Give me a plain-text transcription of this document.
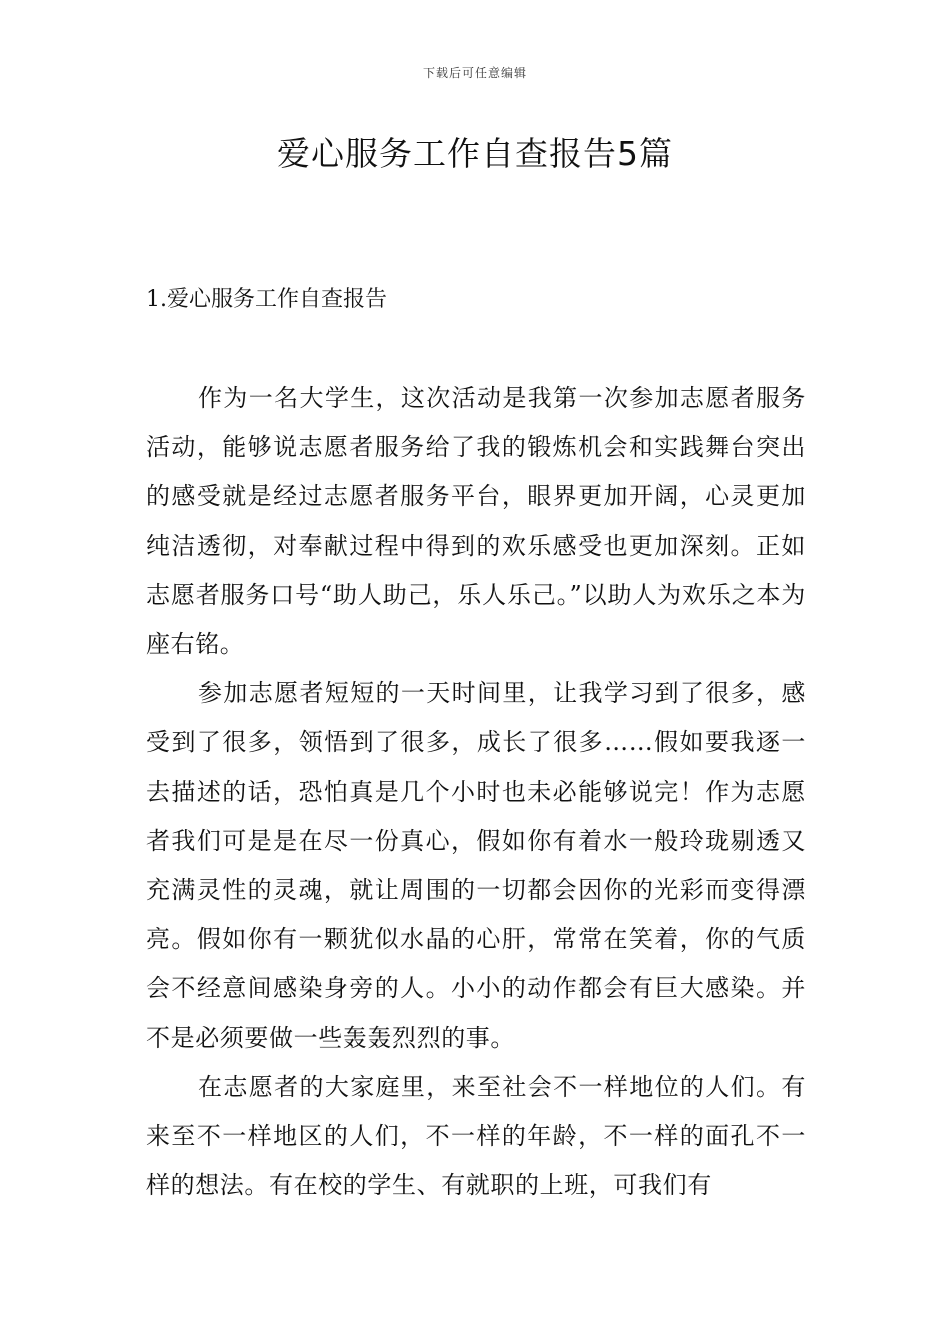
下载后可任意编辑
爱心服务工作自查报告5篇
1.爱心服务工作自查报告

作为一名大学生，这次活动是我第一次参加志愿者服务活动，能够说志愿者服务给了我的锻炼机会和实践舞台突出的感受就是经过志愿者服务平台，眼界更加开阔，心灵更加纯洁透彻，对奉献过程中得到的欢乐感受也更加深刻。正如志愿者服务口号“助人助己，乐人乐己。”以助人为欢乐之本为座右铭。

参加志愿者短短的一天时间里，让我学习到了很多，感受到了很多，领悟到了很多，成长了很多……假如要我逐一去描述的话，恐怕真是几个小时也未必能够说完！作为志愿者我们可是是在尽一份真心，假如你有着水一般玲珑剔透又充满灵性的灵魂，就让周围的一切都会因你的光彩而变得漂亮。假如你有一颗犹似水晶的心肝，常常在笑着，你的气质会不经意间感染身旁的人。小小的动作都会有巨大感染。并不是必须要做一些轰轰烈烈的事。

在志愿者的大家庭里，来至社会不一样地位的人们。有来至不一样地区的人们，不一样的年龄，不一样的面孔不一样的想法。有在校的学生、有就职的上班，可我们有
